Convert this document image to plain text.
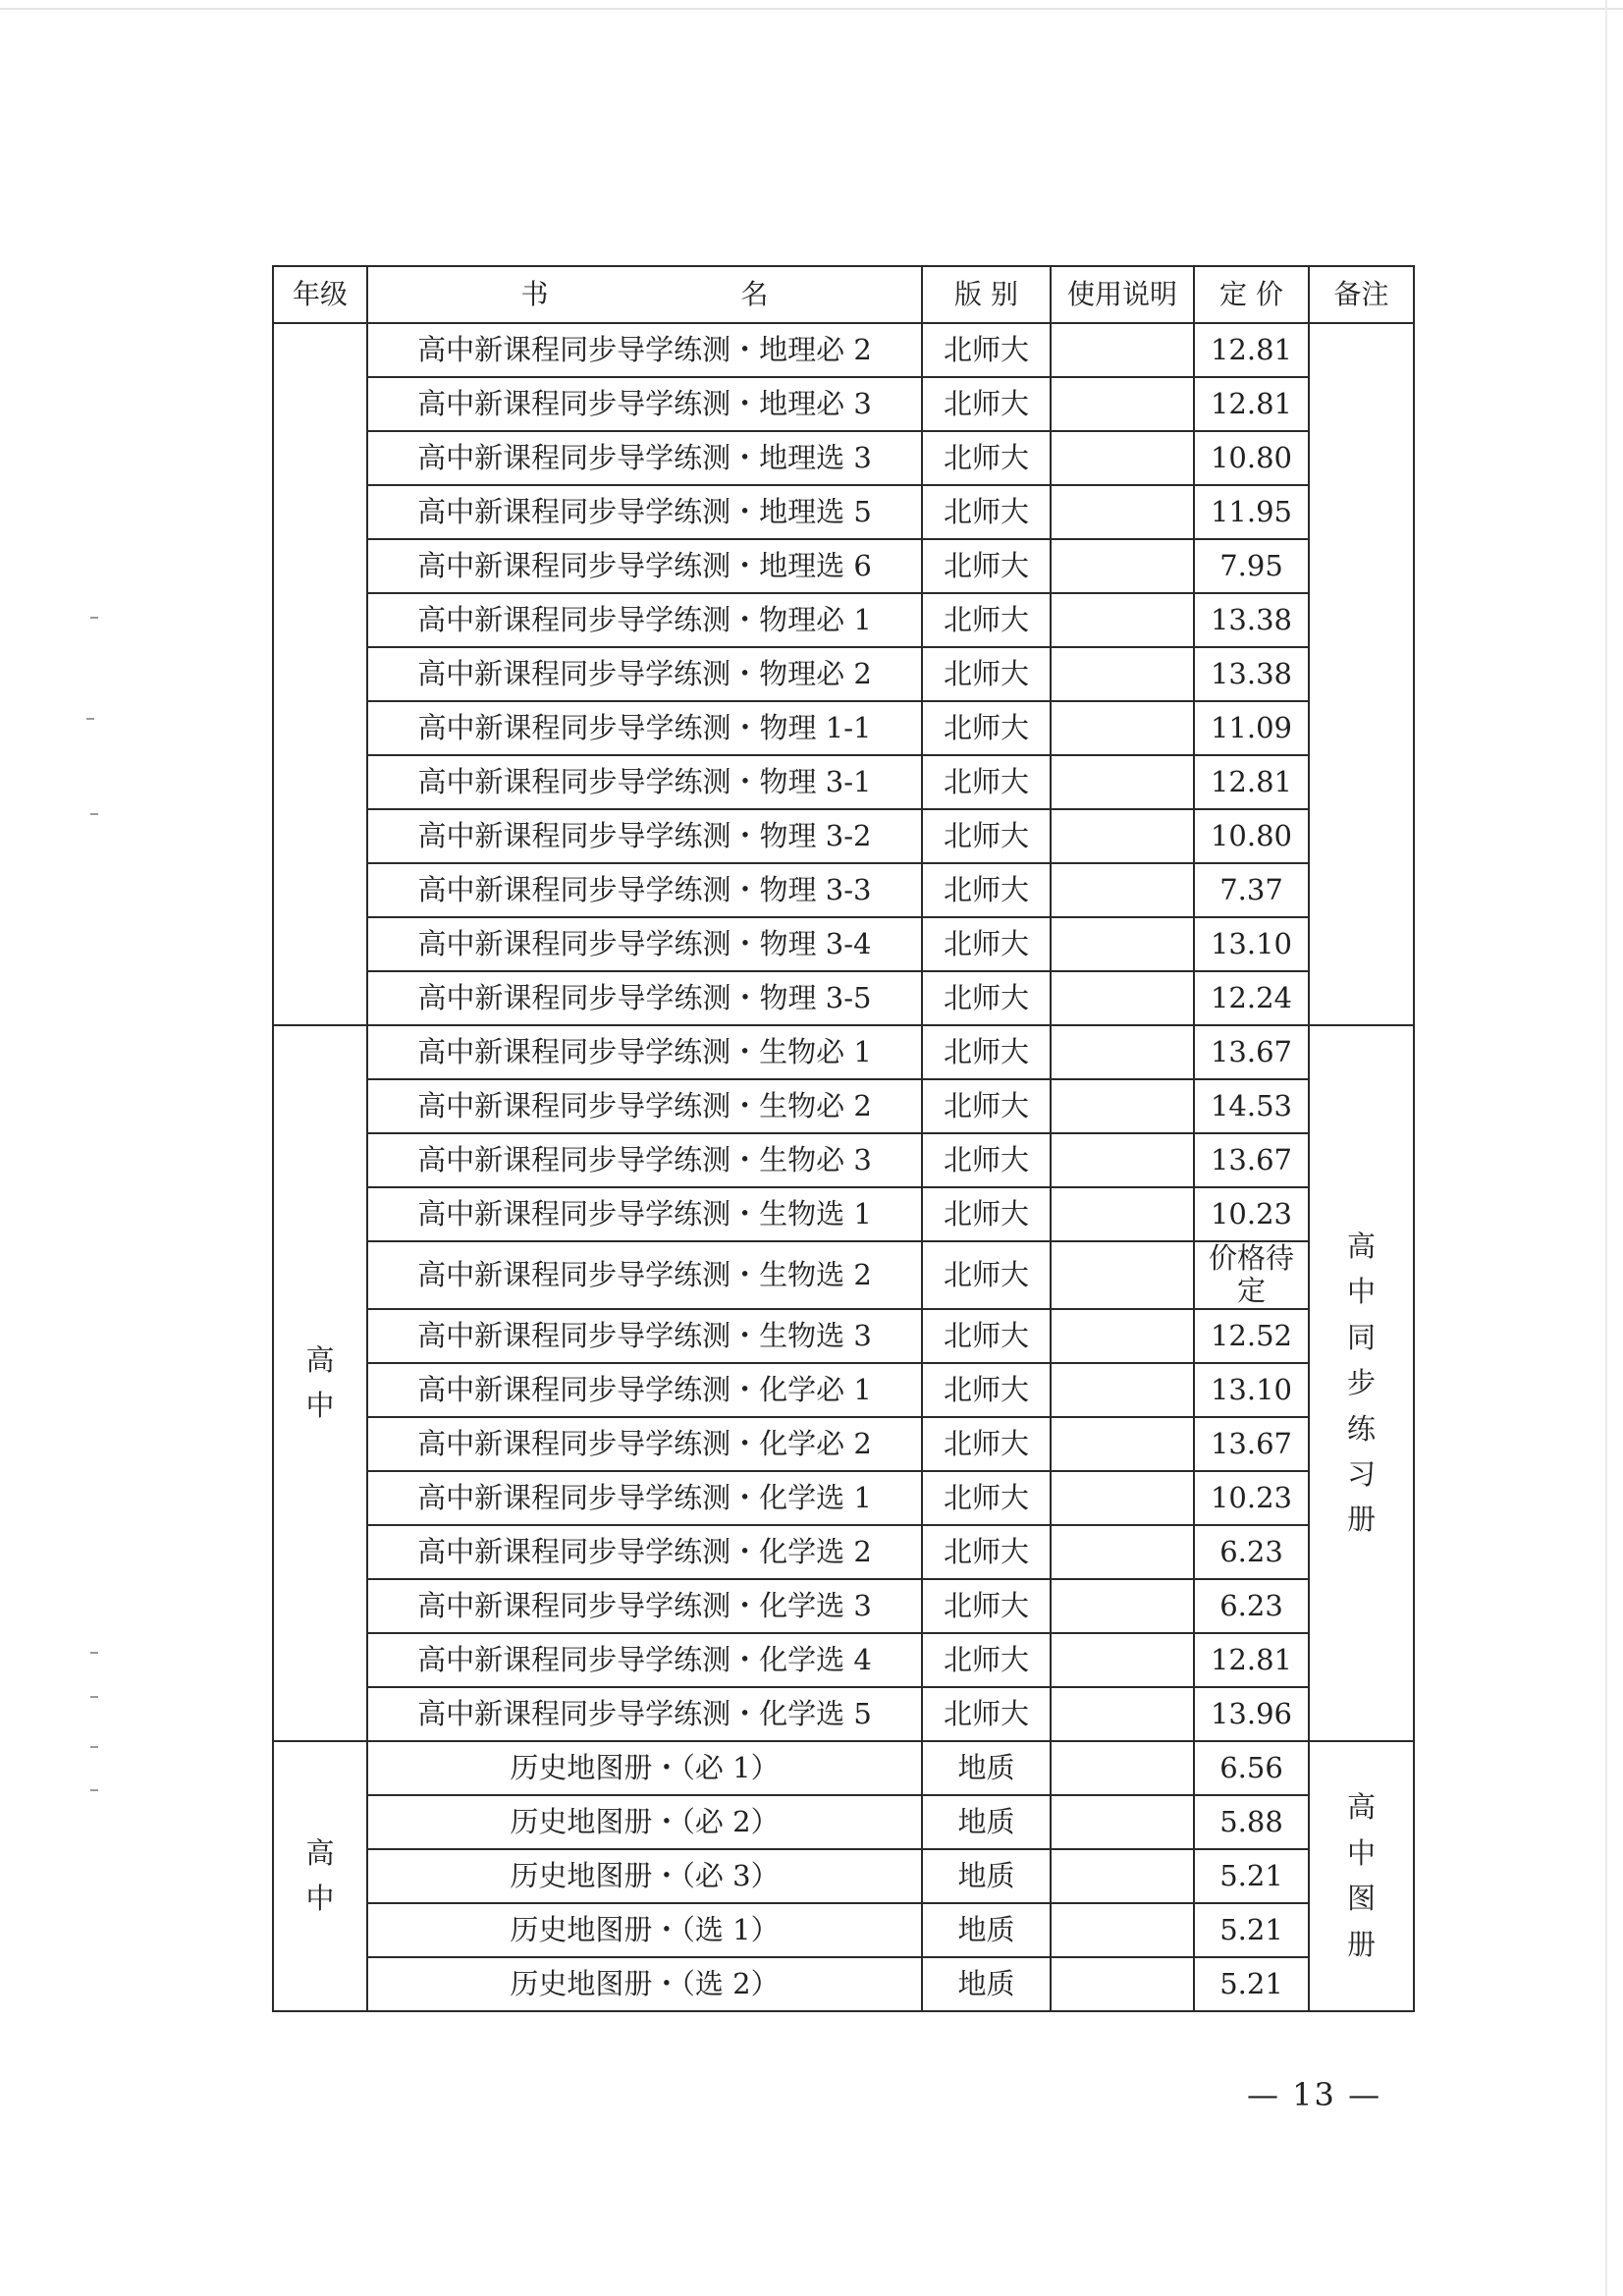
年级	书　　　　　　　名	版 别	使用说明	定 价	备注
	高中新课程同步导学练测・地理必 2	北师大		12.81	
	高中新课程同步导学练测・地理必 3	北师大		12.81	
	高中新课程同步导学练测・地理选 3	北师大		10.80	
	高中新课程同步导学练测・地理选 5	北师大		11.95	
	高中新课程同步导学练测・地理选 6	北师大		7.95	
	高中新课程同步导学练测・物理必 1	北师大		13.38	
	高中新课程同步导学练测・物理必 2	北师大		13.38	
	高中新课程同步导学练测・物理 1-1	北师大		11.09	
	高中新课程同步导学练测・物理 3-1	北师大		12.81	
	高中新课程同步导学练测・物理 3-2	北师大		10.80	
	高中新课程同步导学练测・物理 3-3	北师大		7.37	
	高中新课程同步导学练测・物理 3-4	北师大		13.10	
	高中新课程同步导学练测・物理 3-5	北师大		12.24	
高中	高中新课程同步导学练测・生物必 1	北师大		13.67	高中同步练习册
	高中新课程同步导学练测・生物必 2	北师大		14.53	
	高中新课程同步导学练测・生物必 3	北师大		13.67	
	高中新课程同步导学练测・生物选 1	北师大		10.23	
	高中新课程同步导学练测・生物选 2	北师大		价格待定	
	高中新课程同步导学练测・生物选 3	北师大		12.52	
	高中新课程同步导学练测・化学必 1	北师大		13.10	
	高中新课程同步导学练测・化学必 2	北师大		13.67	
	高中新课程同步导学练测・化学选 1	北师大		10.23	
	高中新课程同步导学练测・化学选 2	北师大		6.23	
	高中新课程同步导学练测・化学选 3	北师大		6.23	
	高中新课程同步导学练测・化学选 4	北师大		12.81	
	高中新课程同步导学练测・化学选 5	北师大		13.96	
高中	历史地图册・（必 1）	地质		6.56	高中图册
	历史地图册・（必 2）	地质		5.88	
	历史地图册・（必 3）	地质		5.21	
	历史地图册・（选 1）	地质		5.21	
	历史地图册・（选 2）	地质		5.21	
— 13 —
